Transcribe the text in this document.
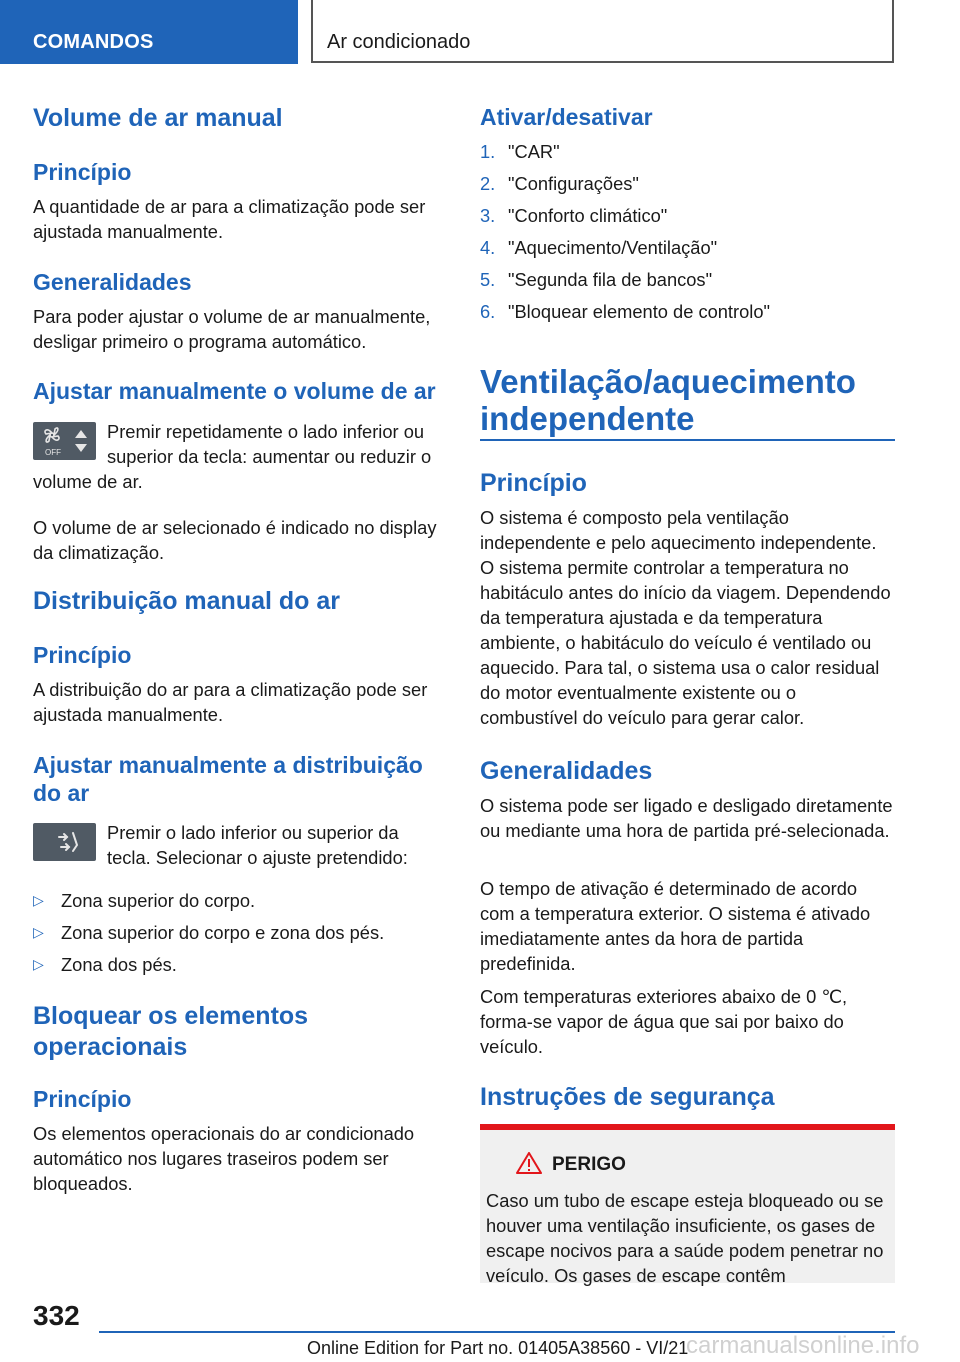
COMANDOS	Ar condicionado
Volume de ar manual
Princípio

A quantidade de ar para a climatização pode ser ajustada manualmente.

Generalidades

Para poder ajustar o volume de ar manualmente, desligar primeiro o programa automático.

Ajustar manualmente o volume de ar
OFF

Premir repetidamente o lado inferior ou superior da tecla: aumentar ou reduzir o

volume de ar.

O volume de ar selecionado é indicado no display da climatização.

Distribuição manual do ar
Princípio

A distribuição do ar para a climatização pode ser ajustada manualmente.

Ajustar manualmente a distribuição do ar

Premir o lado inferior ou superior da tecla. Selecionar o ajuste pretendido:

▷ Zona superior do corpo.
▷ Zona superior do corpo e zona dos pés.
▷ Zona dos pés.
Bloquear os elementos operacionais
Princípio

Os elementos operacionais do ar condicionado automático nos lugares traseiros podem ser bloqueados.

Ativar/desativar
1. "CAR"
2. "Configurações"
3. "Conforto climático"
4. "Aquecimento/Ventilação"
5. "Segunda fila de bancos"
6. "Bloquear elemento de controlo"
Ventilação/aquecimento independente
Princípio

O sistema é composto pela ventilação independente e pelo aquecimento independente. O sistema permite controlar a temperatura no habitáculo antes do início da viagem. Dependendo da temperatura ajustada e da temperatura ambiente, o habitáculo do veículo é ventilado ou aquecido. Para tal, o sistema usa o calor residual do motor eventualmente existente ou o combustível do veículo para gerar calor.

Generalidades

O sistema pode ser ligado e desligado diretamente ou mediante uma hora de partida pré-selecionada.

O tempo de ativação é determinado de acordo com a temperatura exterior. O sistema é ativado imediatamente antes da hora de partida predefinida.

Com temperaturas exteriores abaixo de 0 ℃, forma-se vapor de água que sai por baixo do veículo.

Instruções de segurança
PERIGO

Caso um tubo de escape esteja bloqueado ou se houver uma ventilação insuficiente, os gases de escape nocivos para a saúde podem penetrar no veículo. Os gases de escape contêm

332
Online Edition for Part no. 01405A38560 - VI/21
carmanualsonline.info
